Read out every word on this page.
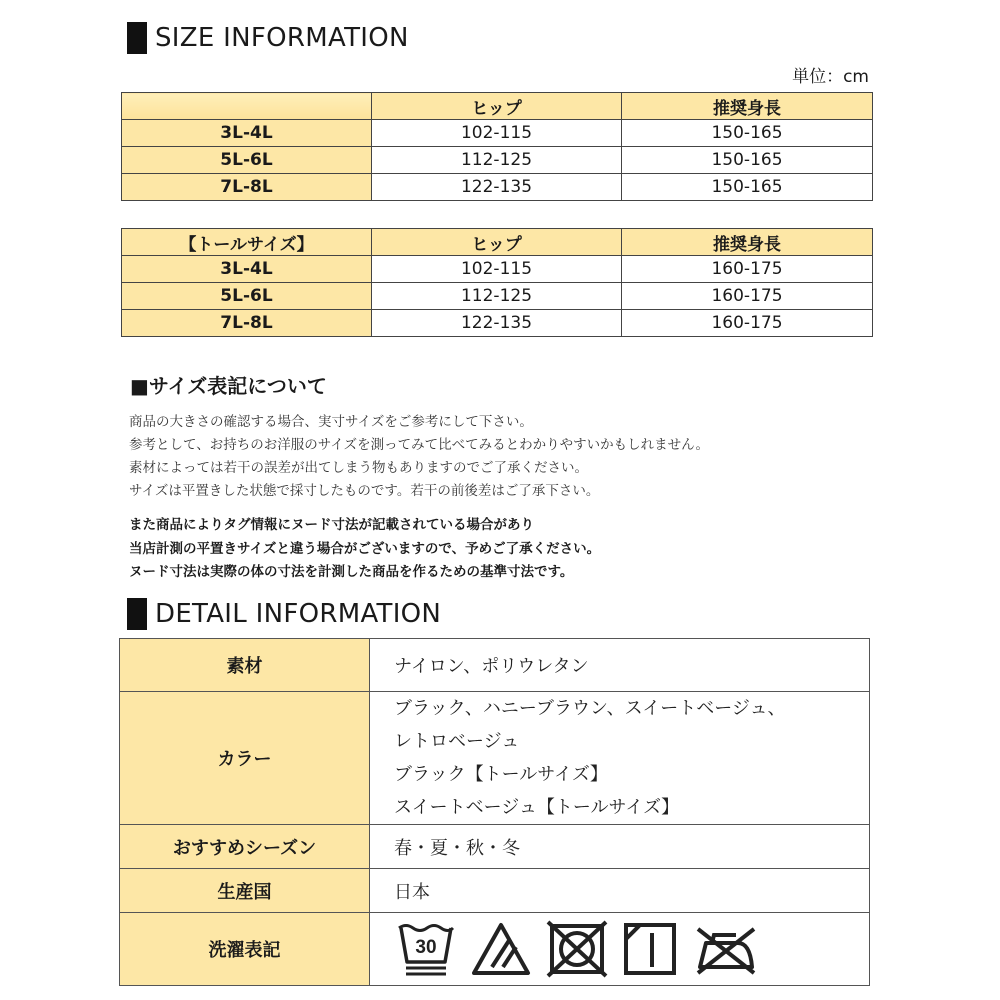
SIZE INFORMATION
単位：cm
	ヒップ	推奨身長
3L-4L	102-115	150-165
5L-6L	112-125	150-165
7L-8L	122-135	150-165
【トールサイズ】	ヒップ	推奨身長
3L-4L	102-115	160-175
5L-6L	112-125	160-175
7L-8L	122-135	160-175
■サイズ表記について
商品の大きさの確認する場合、実寸サイズをご参考にして下さい。
参考として、お持ちのお洋服のサイズを測ってみて比べてみるとわかりやすいかもしれません。
素材によっては若干の誤差が出てしまう物もありますのでご了承ください。
サイズは平置きした状態で採寸したものです。若干の前後差はご了承下さい。
また商品によりタグ情報にヌード寸法が記載されている場合があり
当店計測の平置きサイズと違う場合がございますので、予めご了承ください。
ヌード寸法は実際の体の寸法を計測した商品を作るための基準寸法です。
DETAIL INFORMATION
素材	ナイロン、ポリウレタン
カラー	ブラック、ハニーブラウン、スイートベージュ、
レトロベージュ
ブラック【トールサイズ】
スイートベージュ【トールサイズ】

おすすめシーズン	春・夏・秋・冬
生産国	日本
洗濯表記	30
